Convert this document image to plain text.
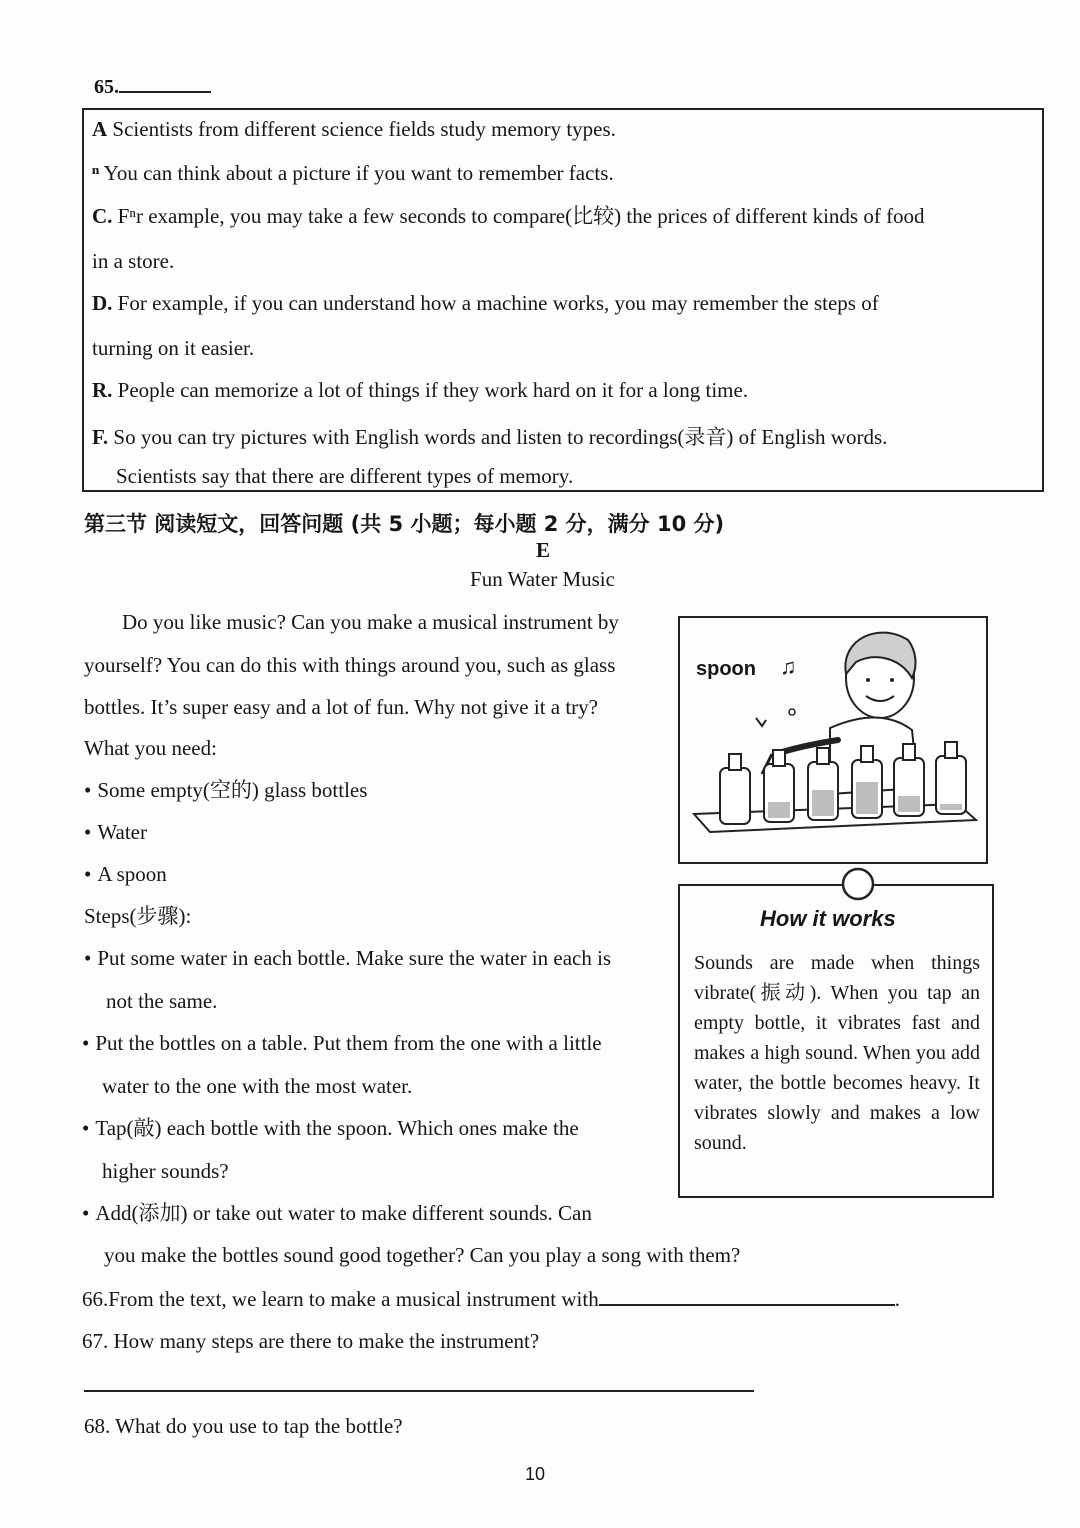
65.
A Scientists from different science fields study memory types.
ⁿ You can think about a picture if you want to remember facts.
C. Fⁿr example, you may take a few seconds to compare(比较) the prices of different kinds of food
in a store.
D. For example, if you can understand how a machine works, you may remember the steps of
turning on it easier.
R. People can memorize a lot of things if they work hard on it for a long time.
F. So you can try pictures with English words and listen to recordings(录音) of English words.
Scientists say that there are different types of memory.
第三节 阅读短文，回答问题 (共 5 小题；每小题 2 分，满分 10 分)
E
Fun Water Music
Do you like music? Can you make a musical instrument by
yourself? You can do this with things around you, such as glass
bottles. It’s super easy and a lot of fun. Why not give it a try?
What you need:
• Some empty(空的) glass bottles
• Water
• A spoon
Steps(步骤):
• Put some water in each bottle. Make sure the water in each is
not the same.
• Put the bottles on a table. Put them from the one with a little
water to the one with the most water.
• Tap(敲) each bottle with the spoon. Which ones make the
higher sounds?
• Add(添加) or take out water to make different sounds. Can
you make the bottles sound good together? Can you play a song with them?
spoon ♫
How it works
Sounds are made when things vibrate(振动). When you tap an empty bottle, it vibrates fast and makes a high sound. When you add water, the bottle becomes heavy. It vibrates slowly and makes a low sound.
66.From the text, we learn to make a musical instrument with	.
67. How many steps are there to make the instrument?
68. What do you use to tap the bottle?
10
